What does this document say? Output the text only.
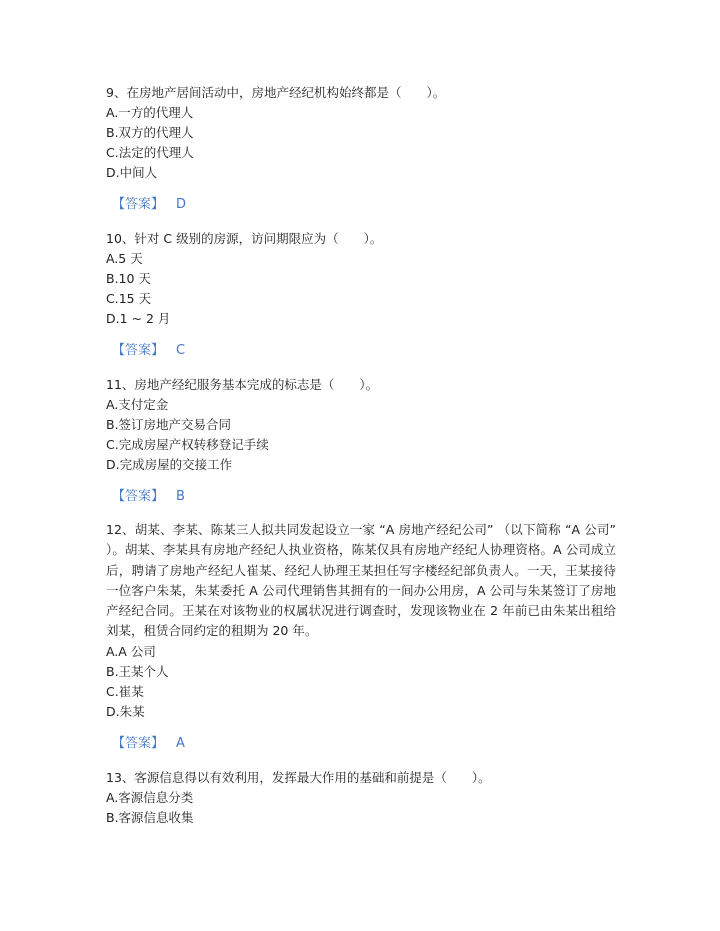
9、在房地产居间活动中，房地产经纪机构始终都是（　　）。
A.一方的代理人
B.双方的代理人
C.法定的代理人
D.中间人
【答案】 D
10、针对 C 级别的房源，访问期限应为（　　）。
A.5 天
B.10 天
C.15 天
D.1 ~ 2 月
【答案】 C
11、房地产经纪服务基本完成的标志是（　　）。
A.支付定金
B.签订房地产交易合同
C.完成房屋产权转移登记手续
D.完成房屋的交接工作
【答案】 B
12、胡某、李某、陈某三人拟共同发起设立一家 “A 房地产经纪公司” （以下简称 “A 公司” ）。胡某、李某具有房地产经纪人执业资格，陈某仅具有房地产经纪人协理资格。A 公司成立后，聘请了房地产经纪人崔某、经纪人协理王某担任写字楼经纪部负责人。一天，王某接待一位客户朱某，朱某委托 A 公司代理销售其拥有的一间办公用房，A 公司与朱某签订了房地产经纪合同。王某在对该物业的权属状况进行调查时，发现该物业在 2 年前已由朱某出租给刘某，租赁合同约定的租期为 20 年。
A.A 公司
B.王某个人
C.崔某
D.朱某
【答案】 A
13、客源信息得以有效利用，发挥最大作用的基础和前提是（　　）。
A.客源信息分类
B.客源信息收集
